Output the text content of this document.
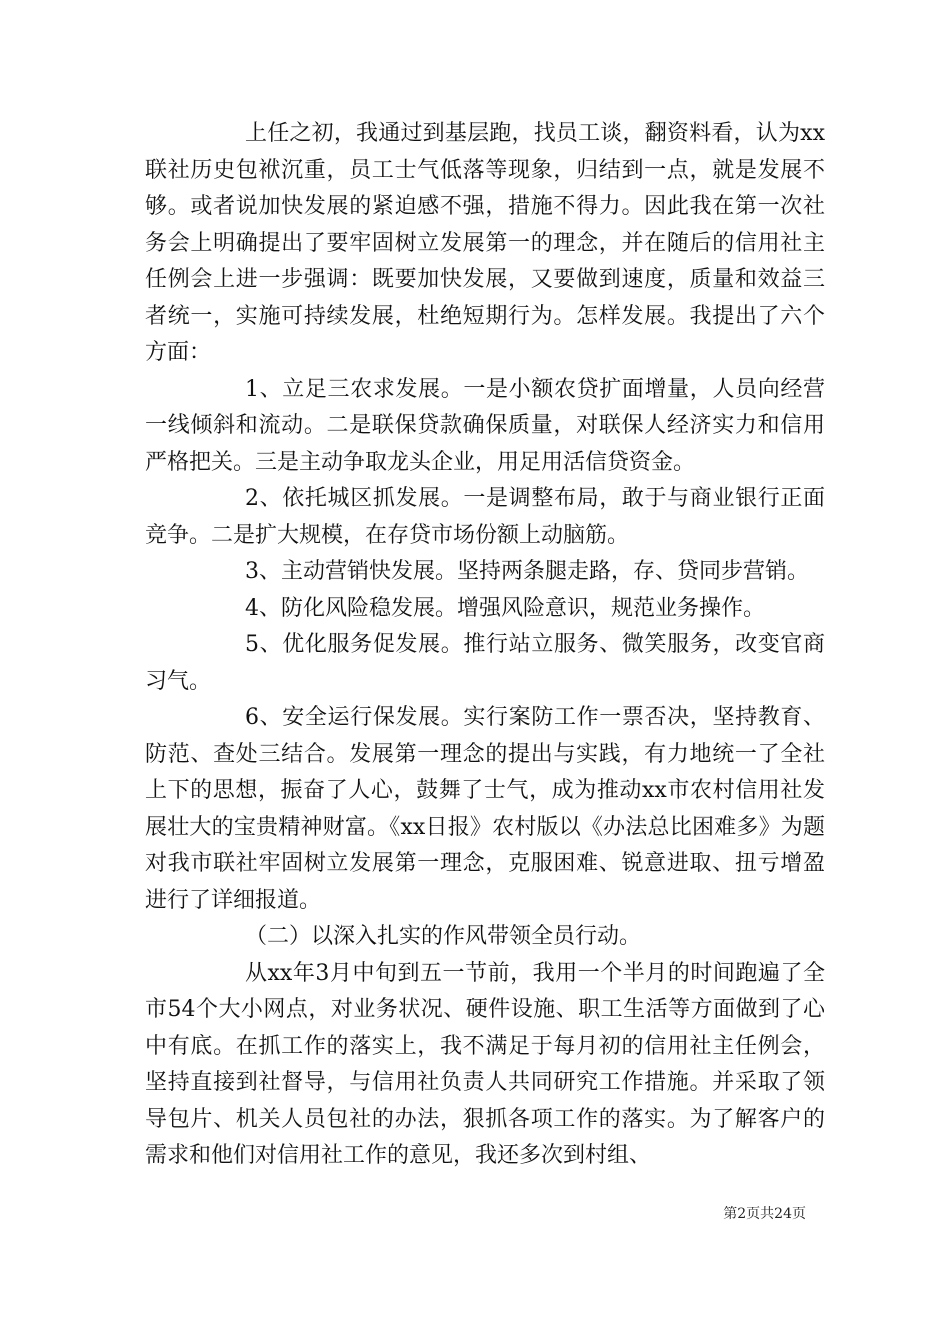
上任之初，我通过到基层跑，找员工谈，翻资料看，认为xx联社历史包袱沉重，员工士气低落等现象，归结到一点，就是发展不够。或者说加快发展的紧迫感不强，措施不得力。因此我在第一次社务会上明确提出了要牢固树立发展第一的理念，并在随后的信用社主任例会上进一步强调：既要加快发展，又要做到速度，质量和效益三者统一，实施可持续发展，杜绝短期行为。怎样发展。我提出了六个方面：

1、立足三农求发展。一是小额农贷扩面增量，人员向经营一线倾斜和流动。二是联保贷款确保质量，对联保人经济实力和信用严格把关。三是主动争取龙头企业，用足用活信贷资金。

2、依托城区抓发展。一是调整布局，敢于与商业银行正面竞争。二是扩大规模，在存贷市场份额上动脑筋。

3、主动营销快发展。坚持两条腿走路，存、贷同步营销。

4、防化风险稳发展。增强风险意识，规范业务操作。

5、优化服务促发展。推行站立服务、微笑服务，改变官商习气。

6、安全运行保发展。实行案防工作一票否决，坚持教育、防范、查处三结合。发展第一理念的提出与实践，有力地统一了全社上下的思想，振奋了人心，鼓舞了士气，成为推动xx市农村信用社发展壮大的宝贵精神财富。《xx日报》农村版以《办法总比困难多》为题对我市联社牢固树立发展第一理念，克服困难、锐意进取、扭亏增盈进行了详细报道。

（二）以深入扎实的作风带领全员行动。

从xx年3月中旬到五一节前，我用一个半月的时间跑遍了全市54个大小网点，对业务状况、硬件设施、职工生活等方面做到了心中有底。在抓工作的落实上，我不满足于每月初的信用社主任例会，坚持直接到社督导，与信用社负责人共同研究工作措施。并采取了领导包片、机关人员包社的办法，狠抓各项工作的落实。为了解客户的需求和他们对信用社工作的意见，我还多次到村组、

第2页共24页
